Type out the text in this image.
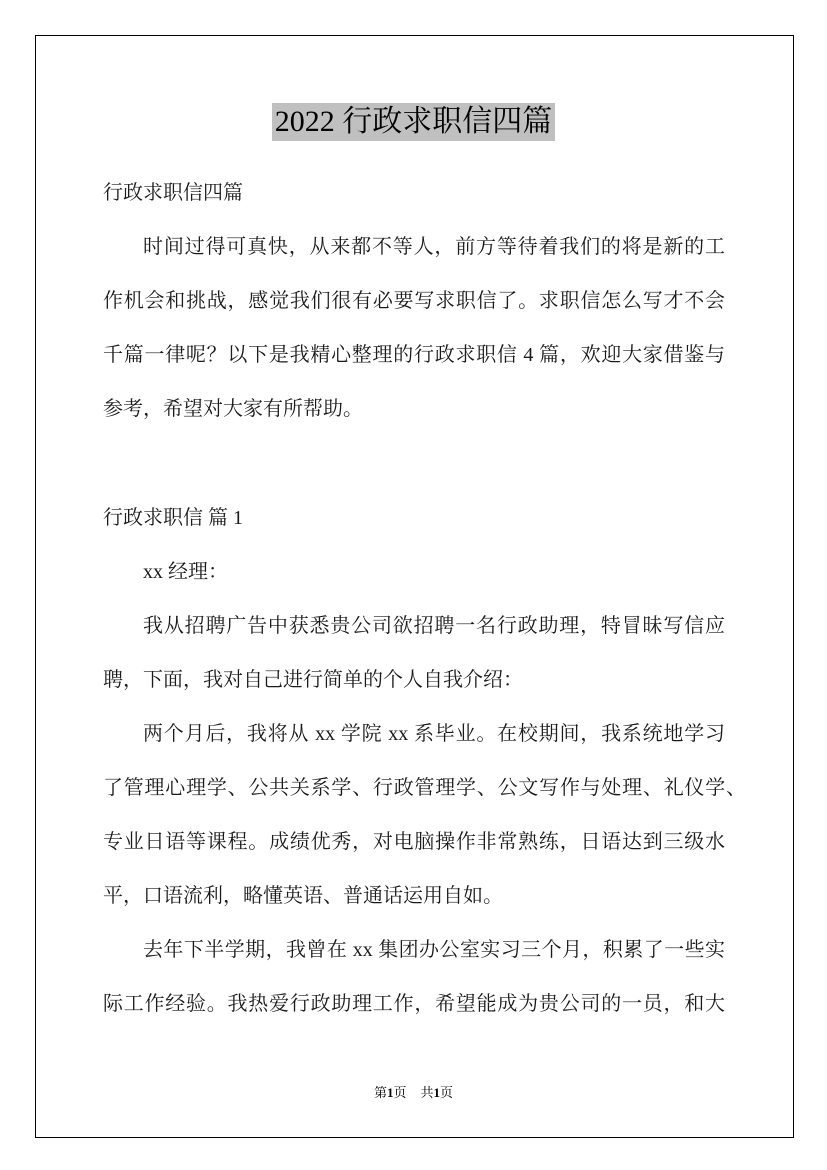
2022 行政求职信四篇
行政求职信四篇
时间过得可真快，从来都不等人，前方等待着我们的将是新的工
作机会和挑战，感觉我们很有必要写求职信了。求职信怎么写才不会
千篇一律呢？以下是我精心整理的行政求职信 4 篇，欢迎大家借鉴与
参考，希望对大家有所帮助。
行政求职信 篇 1
xx 经理：
我从招聘广告中获悉贵公司欲招聘一名行政助理，特冒昧写信应
聘，下面，我对自己进行简单的个人自我介绍：
两个月后，我将从 xx 学院 xx 系毕业。在校期间，我系统地学习
了管理心理学、公共关系学、行政管理学、公文写作与处理、礼仪学、
专业日语等课程。成绩优秀，对电脑操作非常熟练，日语达到三级水
平，口语流利，略懂英语、普通话运用自如。
去年下半学期，我曾在 xx 集团办公室实习三个月，积累了一些实
际工作经验。我热爱行政助理工作，希望能成为贵公司的一员，和大
第1页 共1页
